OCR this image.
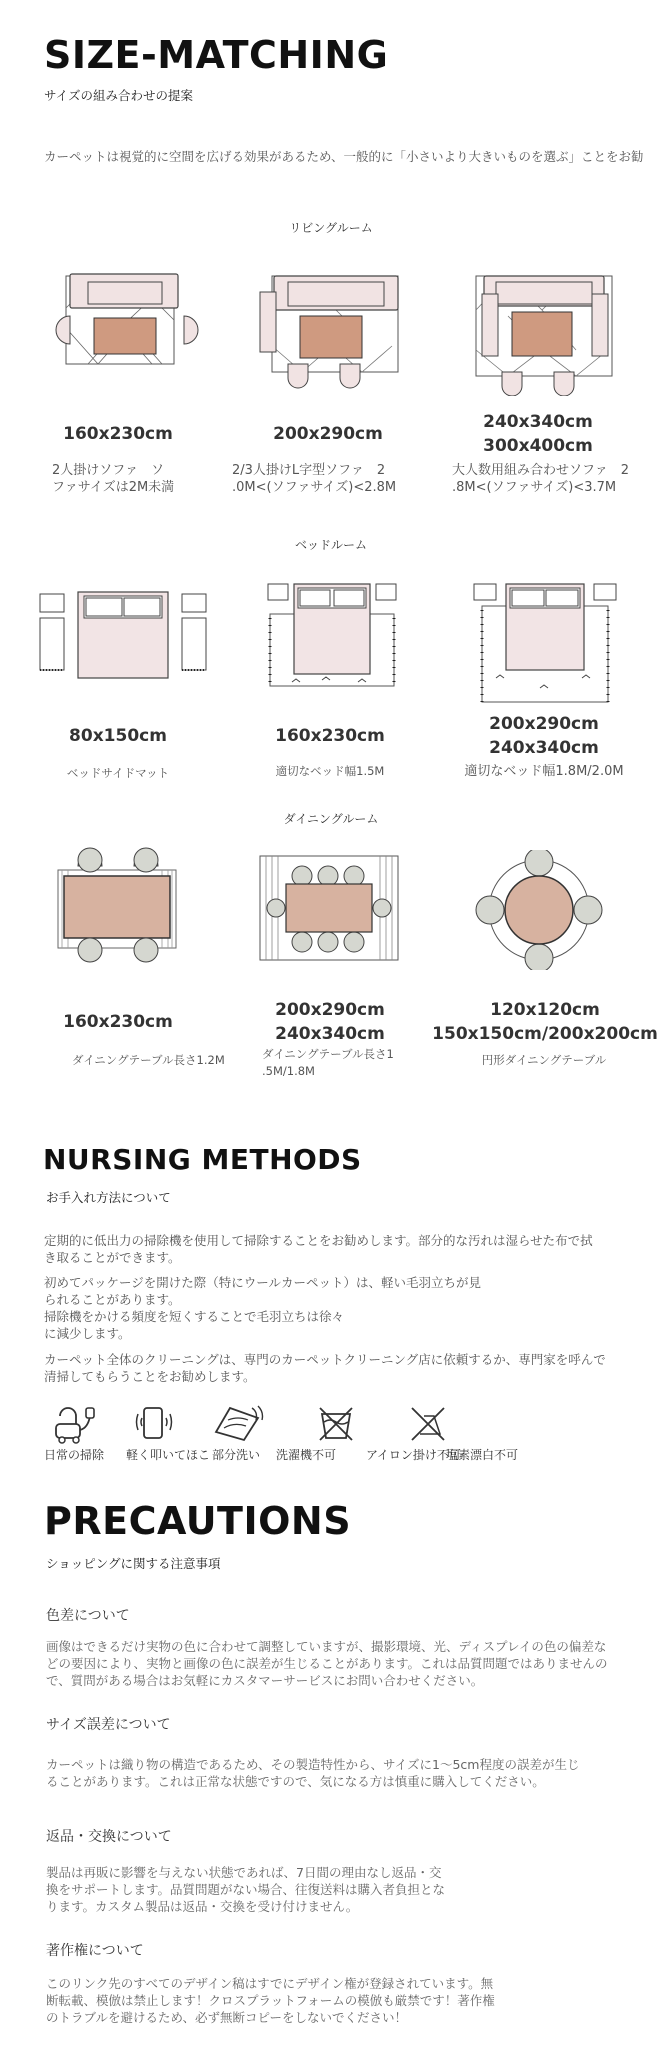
SIZE-MATCHING
サイズの組み合わせの提案
カーペットは視覚的に空間を広げる効果があるため、一般的に「小さいより大きいものを選ぶ」ことをお勧
リビングルーム
160x230cm	200x290cm
240x340cm
300x400cm
2人掛けソファ　ソ
ファサイズは2M未満
2/3人掛けL字型ソファ　2
.0M<(ソファサイズ)<2.8M
大人数用組み合わせソファ　2
.8M<(ソファサイズ)<3.7M
ベッドルーム
80x150cm	160x230cm
200x290cm
240x340cm
ベッドサイドマット	適切なベッド幅1.5M	適切なベッド幅1.8M/2.0M
ダイニングルーム
160x230cm
200x290cm
240x340cm
120x120cm
150x150cm/200x200cm
ダイニングテーブル長さ1.2M	ダイニングテーブル長さ1
.5M/1.8M
円形ダイニングテーブル
NURSING METHODS
お手入れ方法について
定期的に低出力の掃除機を使用して掃除することをお勧めします。部分的な汚れは湿らせた布で拭
き取ることができます。
初めてパッケージを開けた際（特にウールカーペット）は、軽い毛羽立ちが見
られることがあります。
掃除機をかける頻度を短くすることで毛羽立ちは徐々
に減少します。
カーペット全体のクリーニングは、専門のカーペットクリーニング店に依頼するか、専門家を呼んで
清掃してもらうことをお勧めします。
日常の掃除 軽く叩いてほこ 部分洗い 洗濯機不可 アイロン掛け不可
塩素漂白不可
PRECAUTIONS
ショッピングに関する注意事項
色差について
画像はできるだけ実物の色に合わせて調整していますが、撮影環境、光、ディスプレイの色の偏差な
どの要因により、実物と画像の色に誤差が生じることがあります。これは品質問題ではありませんの
で、質問がある場合はお気軽にカスタマーサービスにお問い合わせください。
サイズ誤差について
カーペットは織り物の構造であるため、その製造特性から、サイズに1～5cm程度の誤差が生じ
ることがあります。これは正常な状態ですので、気になる方は慎重に購入してください。
返品・交換について
製品は再販に影響を与えない状態であれば、7日間の理由なし返品・交
換をサポートします。品質問題がない場合、往復送料は購入者負担とな
ります。カスタム製品は返品・交換を受け付けません。
著作権について
このリンク先のすべてのデザイン稿はすでにデザイン権が登録されています。無
断転載、模倣は禁止します！クロスプラットフォームの模倣も厳禁です！著作権
のトラブルを避けるため、必ず無断コピーをしないでください！
